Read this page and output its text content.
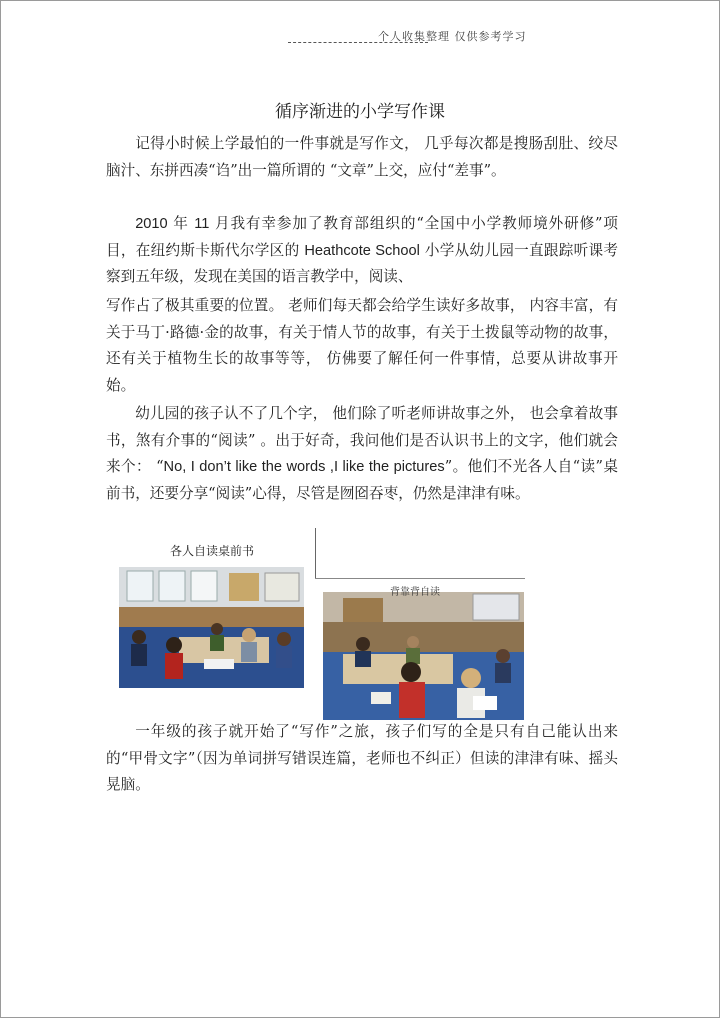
个人收集整理 仅供参考学习
循序渐进的小学写作课

记得小时候上学最怕的一件事就是写作文， 几乎每次都是搜肠刮肚、绞尽脑汁、东拼西凑“诌”出一篇所谓的 “文章”上交，应付“差事”。

2010 年 11 月我有幸参加了教育部组织的“全国中小学教师境外研修”项目，在纽约斯卡斯代尔学区的 Heathcote School 小学从幼儿园一直跟踪听课考察到五年级，发现在美国的语言教学中，阅读、

写作占了极其重要的位置。 老师们每天都会给学生读好多故事， 内容丰富，有关于马丁·路德·金的故事，有关于情人节的故事，有关于土拨鼠等动物的故事， 还有关于植物生长的故事等等， 仿佛要了解任何一件事情，总要从讲故事开始。

幼儿园的孩子认不了几个字， 他们除了听老师讲故事之外， 也会拿着故事书，煞有介事的“阅读” 。出于好奇，我问他们是否认识书上的文字，他们就会来个： “No, I don’t like the words ,I like the pictures”。他们不光各人自“读”桌前书，还要分享“阅读”心得，尽管是囫囵吞枣，仍然是津津有味。

各人自读桌前书
背靠背自读

一年级的孩子就开始了“写作”之旅，孩子们写的全是只有自己能认出来的“甲骨文字”（因为单词拼写错误连篇，老师也不纠正）但读的津津有味、摇头晃脑。
